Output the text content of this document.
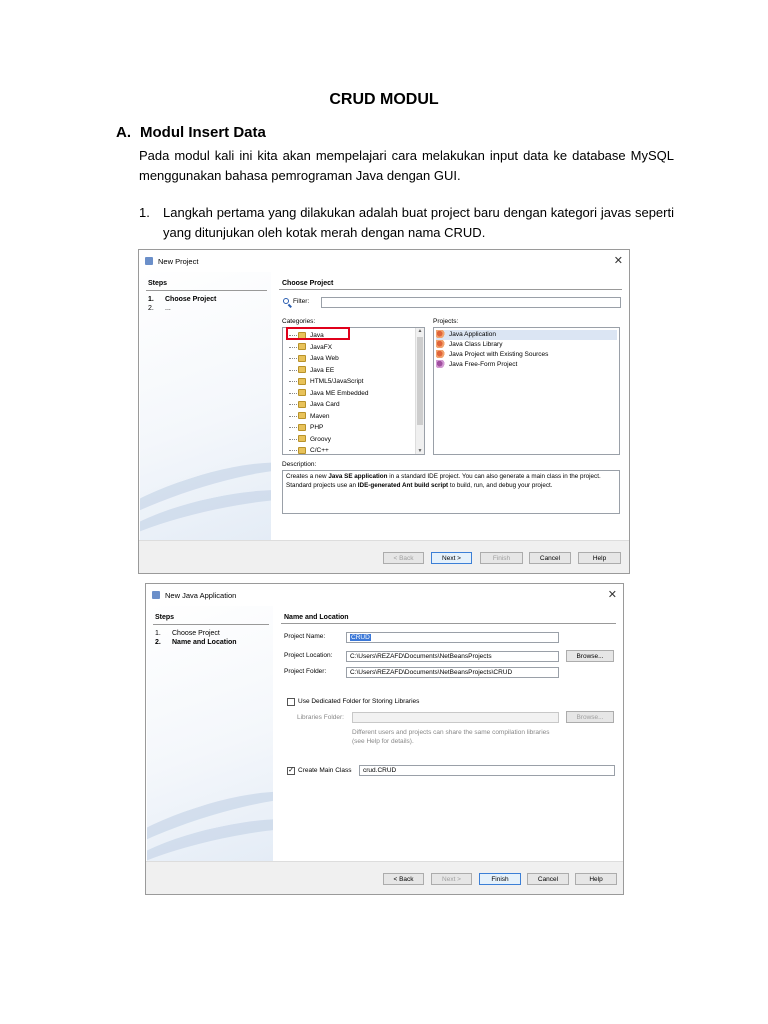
CRUD MODUL
A. Modul Insert Data
Pada modul kali ini kita akan mempelajari cara melakukan input data ke database MySQL menggunakan bahasa pemrograman Java dengan GUI.
1. Langkah pertama yang dilakukan adalah buat project baru dengan kategori javas seperti yang ditunjukan oleh kotak merah dengan nama CRUD.
New Project	✕
Steps
1. Choose Project
2. ...
Choose Project
Filter:
Categories:	Projects:
Java
JavaFX
Java Web
Java EE
HTML5/JavaScript
Java ME Embedded
Java Card
Maven
PHP
Groovy
C/C++
▲
▼
Java Application
Java Class Library
Java Project with Existing Sources
Java Free-Form Project
Description:
Creates a new Java SE application in a standard IDE project. You can also generate a main class in the project. Standard projects use an IDE-generated Ant build script to build, run, and debug your project.
< Back	Next >	Finish	Cancel	Help
New Java Application	✕
Steps
1. Choose Project
2. Name and Location
Name and Location
Project Name:	CRUD
Project Location:	C:\Users\REZAFD\Documents\NetBeansProjects	Browse...
Project Folder:	C:\Users\REZAFD\Documents\NetBeansProjects\CRUD
Use Dedicated Folder for Storing Libraries
Libraries Folder:	Browse...
Different users and projects can share the same compilation libraries (see Help for details).
✓ Create Main Class	crud.CRUD
< Back	Next >	Finish	Cancel	Help
